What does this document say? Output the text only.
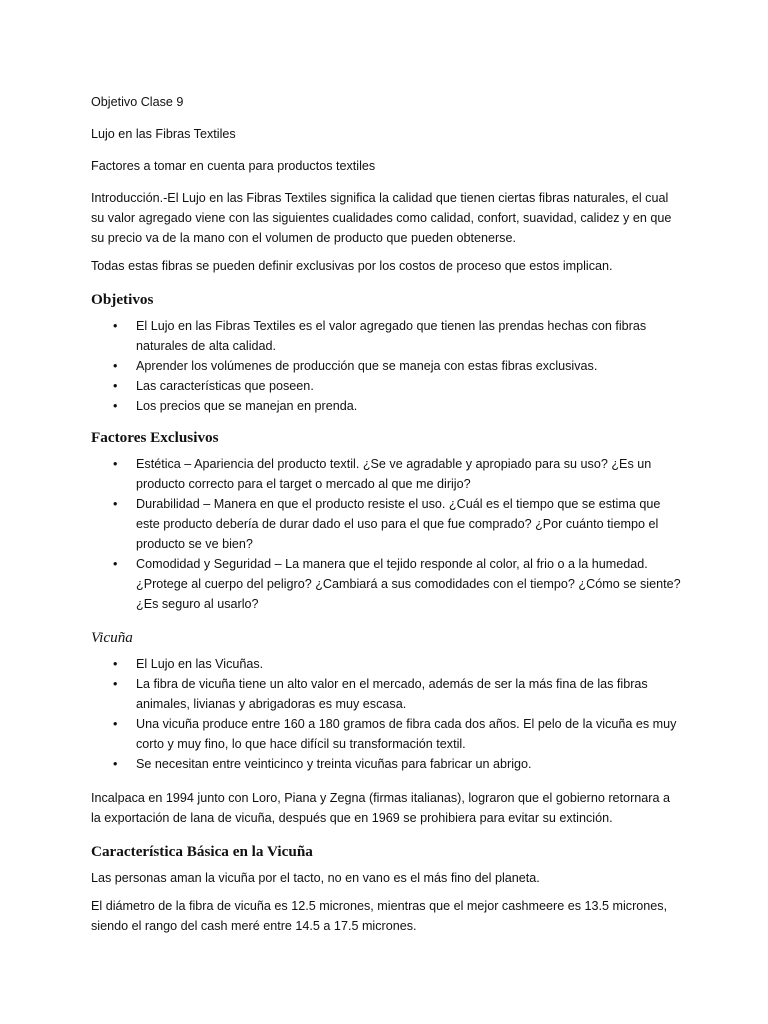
Objetivo Clase 9

Lujo en las Fibras Textiles

Factores a tomar en cuenta para productos textiles

Introducción.-El Lujo en las Fibras Textiles significa la calidad que tienen ciertas fibras naturales, el cual
su valor agregado viene con las siguientes cualidades como calidad, confort, suavidad, calidez y en que
su precio va de la mano con el volumen de producto que pueden obtenerse.

Todas estas fibras se pueden definir exclusivas por los costos de proceso que estos implican.

Objetivos
• El Lujo en las Fibras Textiles es el valor agregado que tienen las prendas hechas con fibras
naturales de alta calidad.
• Aprender los volúmenes de producción que se maneja con estas fibras exclusivas.
• Las características que poseen.
• Los precios que se manejan en prenda.
Factores Exclusivos
• Estética – Apariencia del producto textil. ¿Se ve agradable y apropiado para su uso? ¿Es un
producto correcto para el target o mercado al que me dirijo?
• Durabilidad – Manera en que el producto resiste el uso. ¿Cuál es el tiempo que se estima que
este producto debería de durar dado el uso para el que fue comprado? ¿Por cuánto tiempo el
producto se ve bien?
• Comodidad y Seguridad – La manera que el tejido responde al color, al frio o a la humedad.
¿Protege al cuerpo del peligro? ¿Cambiará a sus comodidades con el tiempo? ¿Cómo se siente?
¿Es seguro al usarlo?
Vicuña
• El Lujo en las Vicuñas.
• La fibra de vicuña tiene un alto valor en el mercado, además de ser la más fina de las fibras
animales, livianas y abrigadoras es muy escasa.
• Una vicuña produce entre 160 a 180 gramos de fibra cada dos años. El pelo de la vicuña es muy
corto y muy fino, lo que hace difícil su transformación textil.
• Se necesitan entre veinticinco y treinta vicuñas para fabricar un abrigo.

Incalpaca en 1994 junto con Loro, Piana y Zegna (firmas italianas), lograron que el gobierno retornara a
la exportación de lana de vicuña, después que en 1969 se prohibiera para evitar su extinción.

Característica Básica en la Vicuña

Las personas aman la vicuña por el tacto, no en vano es el más fino del planeta.

El diámetro de la fibra de vicuña es 12.5 micrones, mientras que el mejor cashmeere es 13.5 micrones,
siendo el rango del cash meré entre 14.5 a 17.5 micrones.
